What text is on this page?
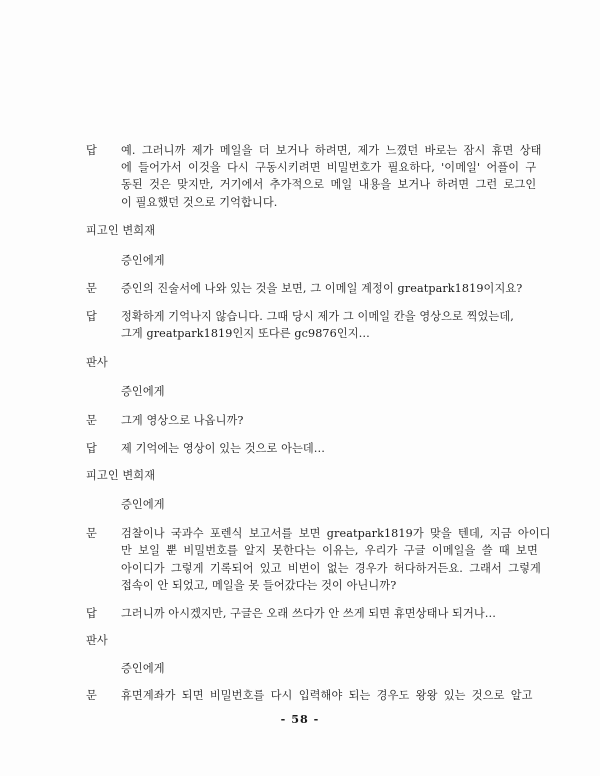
답 예. 그러니까 제가 메일을 더 보거나 하려면, 제가 느꼈던 바로는 잠시 휴면 상태
에 들어가서 이것을 다시 구동시키려면 비밀번호가 필요하다, '이메일' 어플이 구
동된 것은 맞지만, 거기에서 추가적으로 메일 내용을 보거나 하려면 그런 로그인
이 필요했던 것으로 기억합니다.
피고인 변희재
증인에게
문 증인의 진술서에 나와 있는 것을 보면, 그 이메일 계정이 greatpark1819이지요?
답 정확하게 기억나지 않습니다. 그때 당시 제가 그 이메일 칸을 영상으로 찍었는데,
그게 greatpark1819인지 또다른 gc9876인지…
판사
증인에게
문 그게 영상으로 나옵니까?
답 제 기억에는 영상이 있는 것으로 아는데…
피고인 변희재
증인에게
문 검찰이나 국과수 포렌식 보고서를 보면 greatpark1819가 맞을 텐데, 지금 아이디
만 보일 뿐 비밀번호를 알지 못한다는 이유는, 우리가 구글 이메일을 쓸 때 보면
아이디가 그렇게 기록되어 있고 비번이 없는 경우가 허다하거든요. 그래서 그렇게
접속이 안 되었고, 메일을 못 들어갔다는 것이 아닌니까?
답 그러니까 아시겠지만, 구글은 오래 쓰다가 안 쓰게 되면 휴면상태나 되거나…
판사
증인에게
문 휴면계좌가 되면 비밀번호를 다시 입력해야 되는 경우도 왕왕 있는 것으로 알고
- 58 -
